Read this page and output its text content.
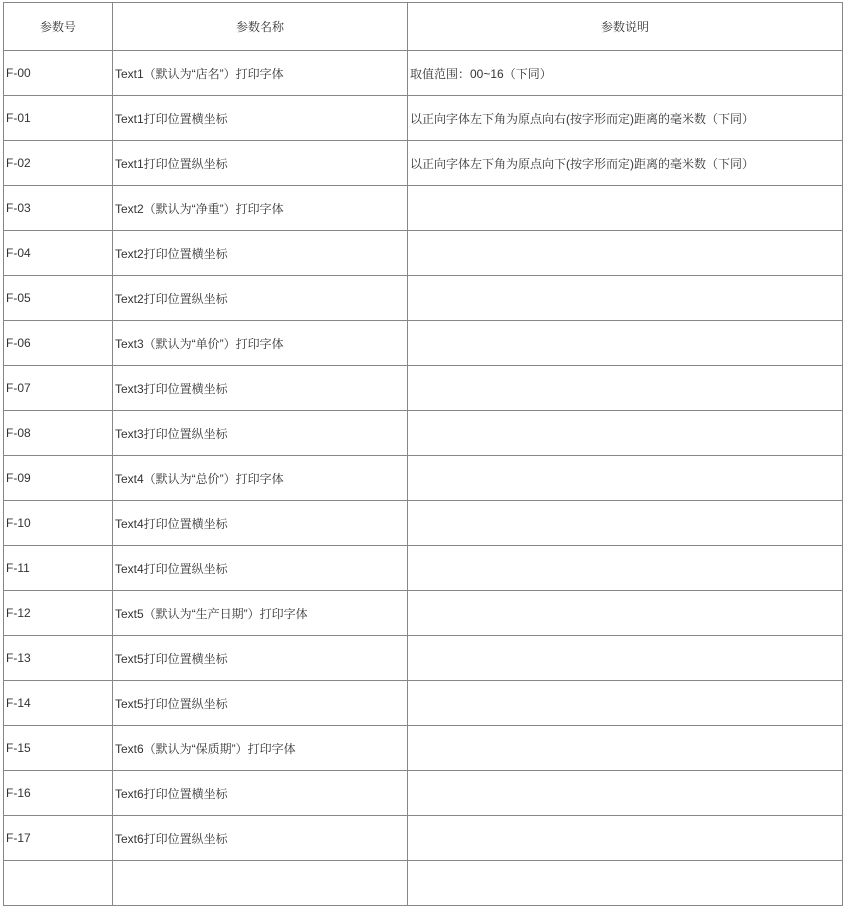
参数号	参数名称	参数说明
F-00	Text1（默认为“店名”）打印字体	取值范围：00~16（下同）
F-01	Text1打印位置横坐标	以正向字体左下角为原点向右(按字形而定)距离的毫米数（下同）
F-02	Text1打印位置纵坐标	以正向字体左下角为原点向下(按字形而定)距离的毫米数（下同）
F-03	Text2（默认为“净重”）打印字体	
F-04	Text2打印位置横坐标	
F-05	Text2打印位置纵坐标	
F-06	Text3（默认为“单价”）打印字体	
F-07	Text3打印位置横坐标	
F-08	Text3打印位置纵坐标	
F-09	Text4（默认为“总价”）打印字体	
F-10	Text4打印位置横坐标	
F-11	Text4打印位置纵坐标	
F-12	Text5（默认为“生产日期”）打印字体	
F-13	Text5打印位置横坐标	
F-14	Text5打印位置纵坐标	
F-15	Text6（默认为“保质期”）打印字体	
F-16	Text6打印位置横坐标	
F-17	Text6打印位置纵坐标	
